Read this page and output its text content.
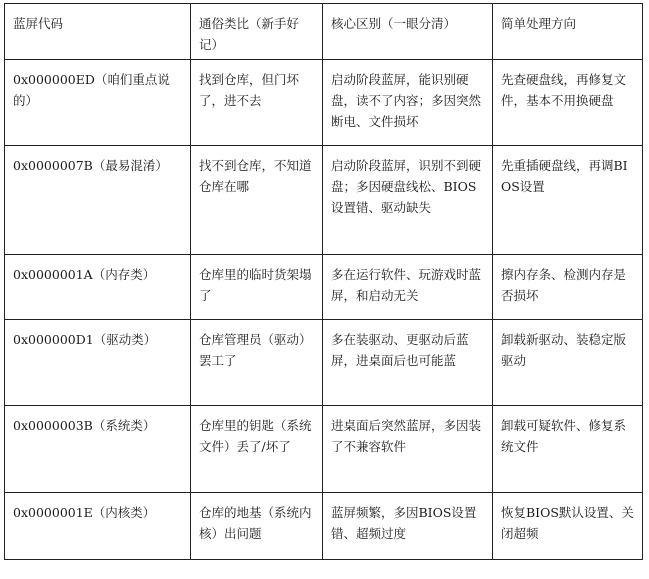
蓝屏代码	通俗类比（新手好记）	核心区别（一眼分清）	简单处理方向
0x000000ED（咱们重点说的）	找到仓库，但门坏了，进不去	启动阶段蓝屏，能识别硬盘，读不了内容；多因突然断电、文件损坏	先查硬盘线，再修复文件，基本不用换硬盘
0x0000007B（最易混淆）	找不到仓库，不知道仓库在哪	启动阶段蓝屏，识别不到硬盘；多因硬盘线松、BIOS设置错、驱动缺失	先重插硬盘线，再调BIOS设置
0x0000001A（内存类）	仓库里的临时货架塌了	多在运行软件、玩游戏时蓝屏，和启动无关	擦内存条、检测内存是否损坏
0x000000D1（驱动类）	仓库管理员（驱动）罢工了	多在装驱动、更驱动后蓝屏，进桌面后也可能蓝	卸载新驱动、装稳定版驱动
0x0000003B（系统类）	仓库里的钥匙（系统文件）丢了/坏了	进桌面后突然蓝屏，多因装了不兼容软件	卸载可疑软件、修复系统文件
0x0000001E（内核类）	仓库的地基（系统内核）出问题	蓝屏频繁，多因BIOS设置错、超频过度	恢复BIOS默认设置、关闭超频
